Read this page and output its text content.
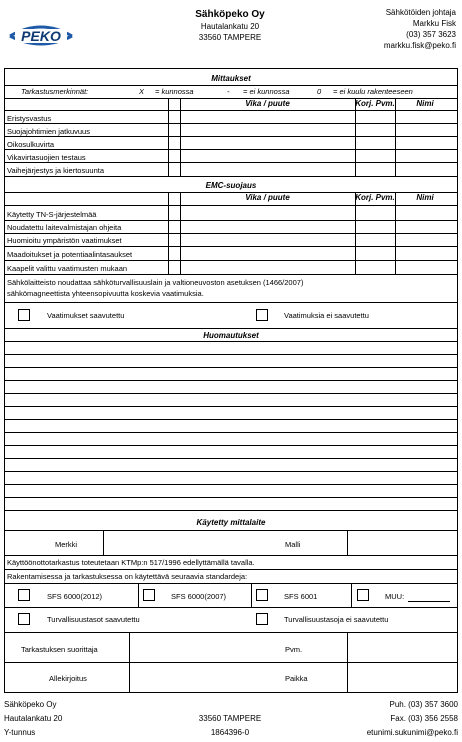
PEKO
Sähköpeko Oy
Hautalankatu 20
33560 TAMPERE
Sähkötöiden johtaja
Markku Fisk
(03) 357 3623
markku.fisk@peko.fi
Mittaukset
Tarkastusmerkinnät:	X = kunnossa	- = ei kunnossa	0 = ei kuulu rakenteeseen
Vika / puute	Korj. Pvm.	Nimi
Eristysvastus
Suojajohtimien jatkuvuus
Oikosulkuvirta
Vikavirtasuojien testaus
Vaihejärjestys ja kiertosuunta
EMC-suojaus
Vika / puute	Korj. Pvm.	Nimi
Käytetty TN-S-järjestelmää
Noudatettu laitevalmistajan ohjeita
Huomioitu ympäristön vaatimukset
Maadoitukset ja potentiaalintasaukset
Kaapelit valittu vaatimusten mukaan
Sähkölaitteisto noudattaa sähköturvallisuuslain ja valtioneuvoston asetuksen (1466/2007)
sähkömagneettista yhteensopivuutta koskevia vaatimuksia.
Vaatimukset saavutettu	Vaatimuksia ei saavutettu
Huomautukset
Käytetty mittalaite
Merkki	Malli
Käyttöönottotarkastus toteutetaan KTMp:n 517/1996 edellyttämällä tavalla.
Rakentamisessa ja tarkastuksessa on käytettävä seuraavia standardeja:
SFS 6000(2012)	SFS 6000(2007)	SFS 6001	MUU:
Turvallisuustasot saavutettu	Turvallisuustasoja ei saavutettu
Tarkastuksen suorittaja	Pvm.
Allekirjoitus	Paikka
Sähköpeko Oy
Hautalankatu 20
Y-tunnus
33560 TAMPERE
1864396-0
Puh. (03) 357 3600
Fax. (03) 356 2558
etunimi.sukunimi@peko.fi
